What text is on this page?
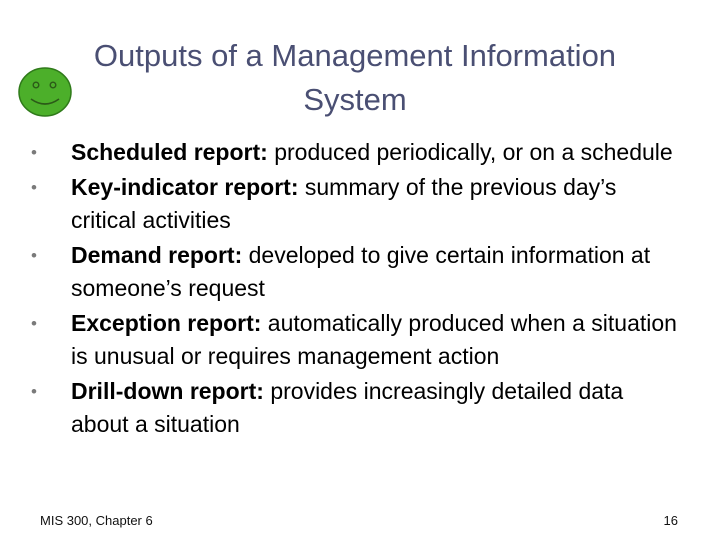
Outputs of a Management Information
System
• Scheduled report: produced periodically, or on a schedule
• Key-indicator report: summary of the previous day’s critical activities
• Demand report: developed to give certain information at someone’s request
• Exception report: automatically produced when a situation is unusual or requires management action
• Drill-down report: provides increasingly detailed data about a situation
MIS 300, Chapter 6	16
